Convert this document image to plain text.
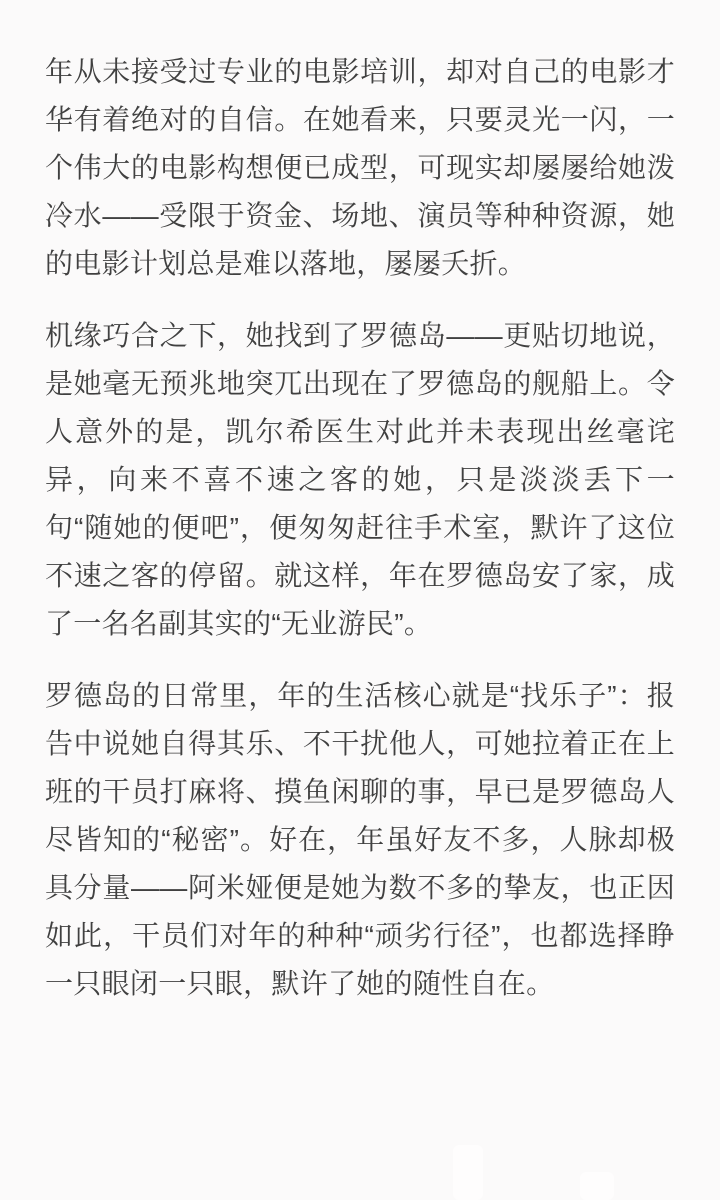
年从未接受过专业的电影培训，却对自己的电影才华有着绝对的自信。在她看来，只要灵光一闪，一个伟大的电影构想便已成型，可现实却屡屡给她泼冷水——受限于资金、场地、演员等种种资源，她的电影计划总是难以落地，屡屡夭折。

机缘巧合之下，她找到了罗德岛——更贴切地说，是她毫无预兆地突兀出现在了罗德岛的舰船上。令人意外的是，凯尔希医生对此并未表现出丝毫诧异，向来不喜不速之客的她，只是淡淡丢下一句“随她的便吧”，便匆匆赶往手术室，默许了这位不速之客的停留。就这样，年在罗德岛安了家，成了一名名副其实的“无业游民”。

罗德岛的日常里，年的生活核心就是“找乐子”：报告中说她自得其乐、不干扰他人，可她拉着正在上班的干员打麻将、摸鱼闲聊的事，早已是罗德岛人尽皆知的“秘密”。好在，年虽好友不多，人脉却极具分量——阿米娅便是她为数不多的挚友，也正因如此，干员们对年的种种“顽劣行径”，也都选择睁一只眼闭一只眼，默许了她的随性自在。
